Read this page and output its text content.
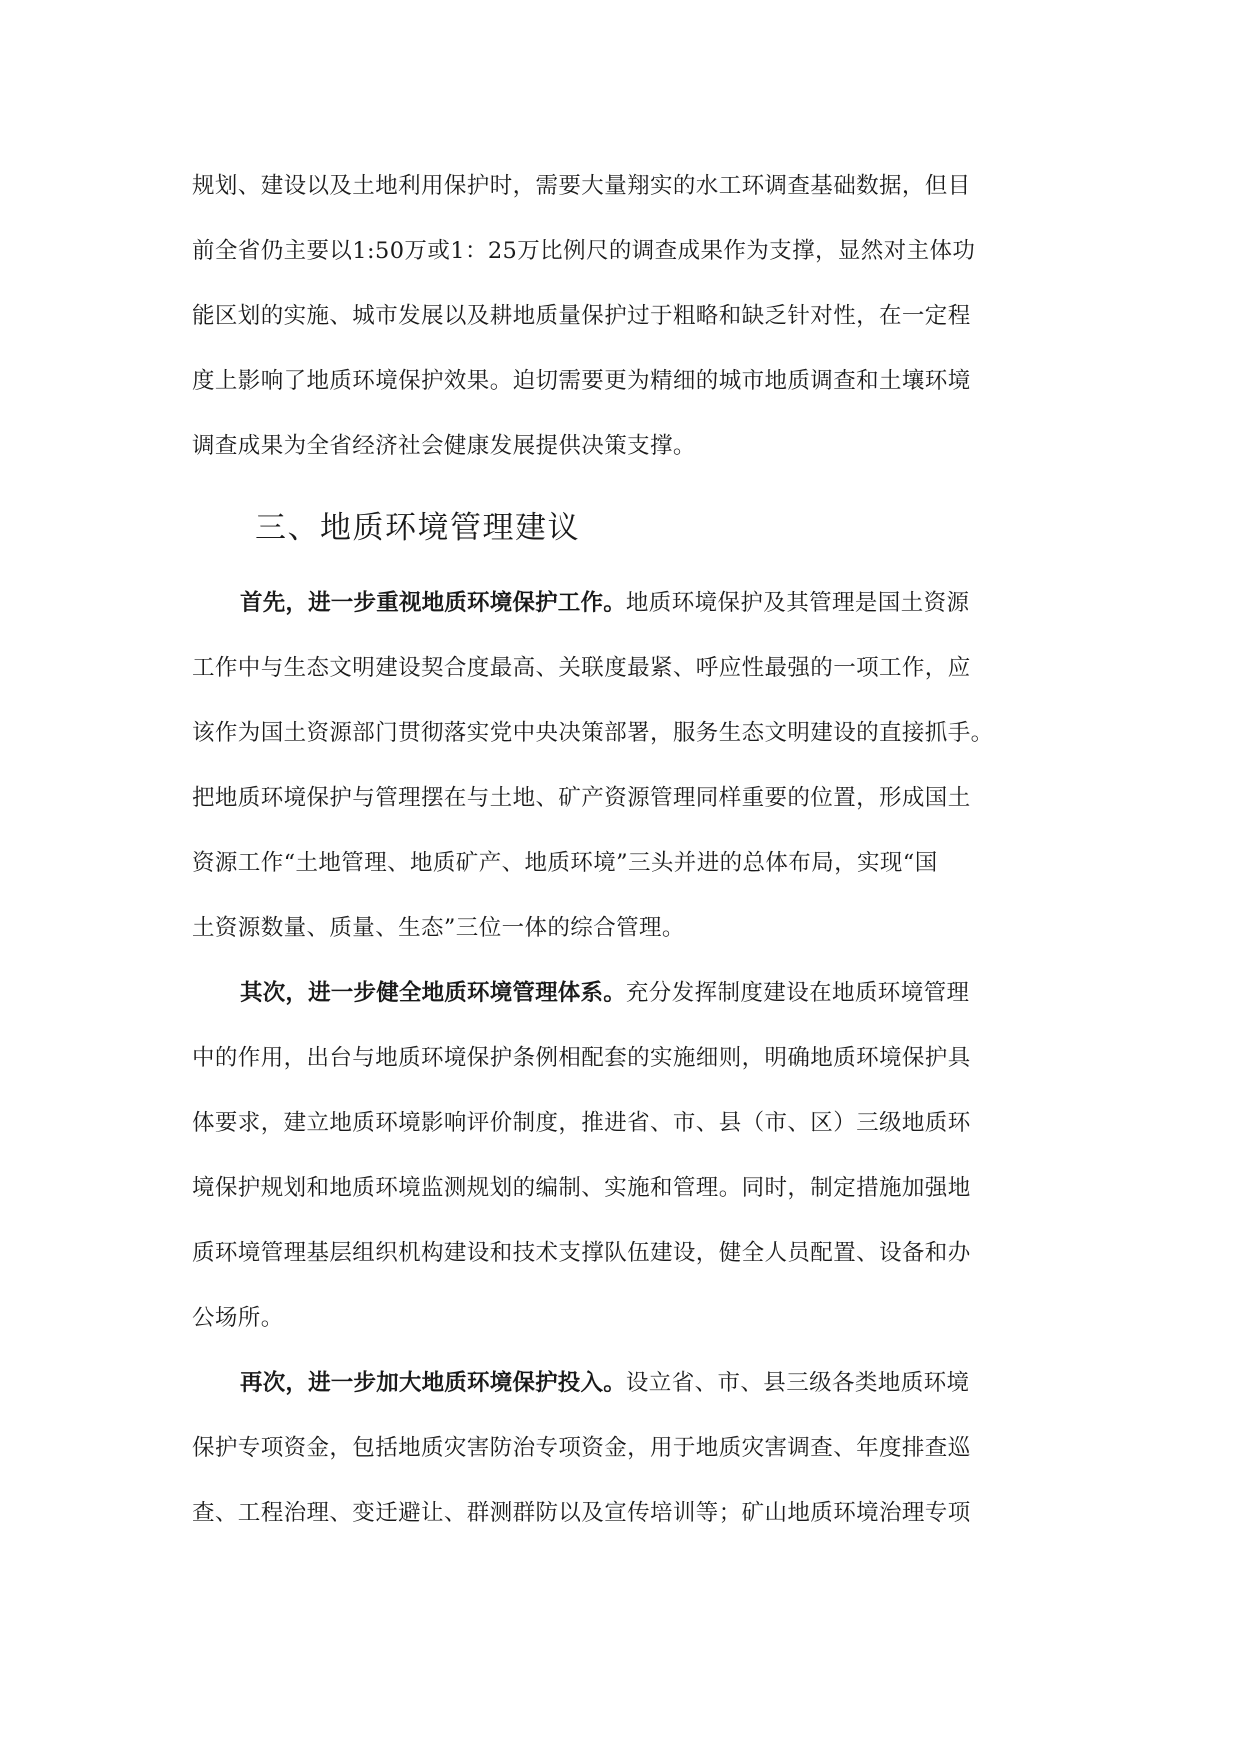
规划、建设以及土地利用保护时，需要大量翔实的水工环调查基础数据，但目
前全省仍主要以1:50万或1：25万比例尺的调查成果作为支撑，显然对主体功
能区划的实施、城市发展以及耕地质量保护过于粗略和缺乏针对性，在一定程
度上影响了地质环境保护效果。迫切需要更为精细的城市地质调查和土壤环境
调查成果为全省经济社会健康发展提供决策支撑。
三、地质环境管理建议
首先，进一步重视地质环境保护工作。地质环境保护及其管理是国土资源
工作中与生态文明建设契合度最高、关联度最紧、呼应性最强的一项工作，应
该作为国土资源部门贯彻落实党中央决策部署，服务生态文明建设的直接抓手。
把地质环境保护与管理摆在与土地、矿产资源管理同样重要的位置，形成国土
资源工作“土地管理、地质矿产、地质环境”三头并进的总体布局，实现“国
土资源数量、质量、生态”三位一体的综合管理。
其次，进一步健全地质环境管理体系。充分发挥制度建设在地质环境管理
中的作用，出台与地质环境保护条例相配套的实施细则，明确地质环境保护具
体要求，建立地质环境影响评价制度，推进省、市、县（市、区）三级地质环
境保护规划和地质环境监测规划的编制、实施和管理。同时，制定措施加强地
质环境管理基层组织机构建设和技术支撑队伍建设，健全人员配置、设备和办
公场所。
再次，进一步加大地质环境保护投入。设立省、市、县三级各类地质环境
保护专项资金，包括地质灾害防治专项资金，用于地质灾害调查、年度排查巡
查、工程治理、变迁避让、群测群防以及宣传培训等；矿山地质环境治理专项
